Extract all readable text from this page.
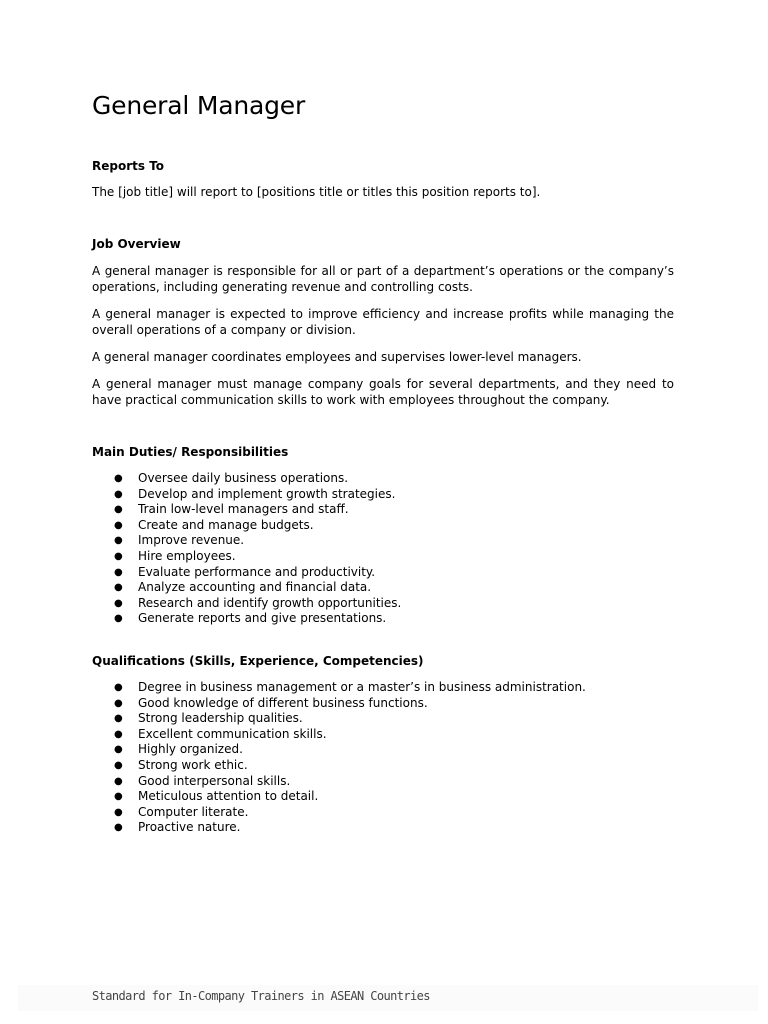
General Manager
Reports To

The [job title] will report to [positions title or titles this position reports to].

Job Overview

A general manager is responsible for all or part of a department’s operations or the company’s operations, including generating revenue and controlling costs.

A general manager is expected to improve efficiency and increase profits while managing the overall operations of a company or division.

A general manager coordinates employees and supervises lower-level managers.

A general manager must manage company goals for several departments, and they need to have practical communication skills to work with employees throughout the company.

Main Duties/ Responsibilities
● Oversee daily business operations.
● Develop and implement growth strategies.
● Train low-level managers and staff.
● Create and manage budgets.
● Improve revenue.
● Hire employees.
● Evaluate performance and productivity.
● Analyze accounting and financial data.
● Research and identify growth opportunities.
● Generate reports and give presentations.
Qualifications (Skills, Experience, Competencies)
● Degree in business management or a master’s in business administration.
● Good knowledge of different business functions.
● Strong leadership qualities.
● Excellent communication skills.
● Highly organized.
● Strong work ethic.
● Good interpersonal skills.
● Meticulous attention to detail.
● Computer literate.
● Proactive nature.
Standard for In-Company Trainers in ASEAN Countries
